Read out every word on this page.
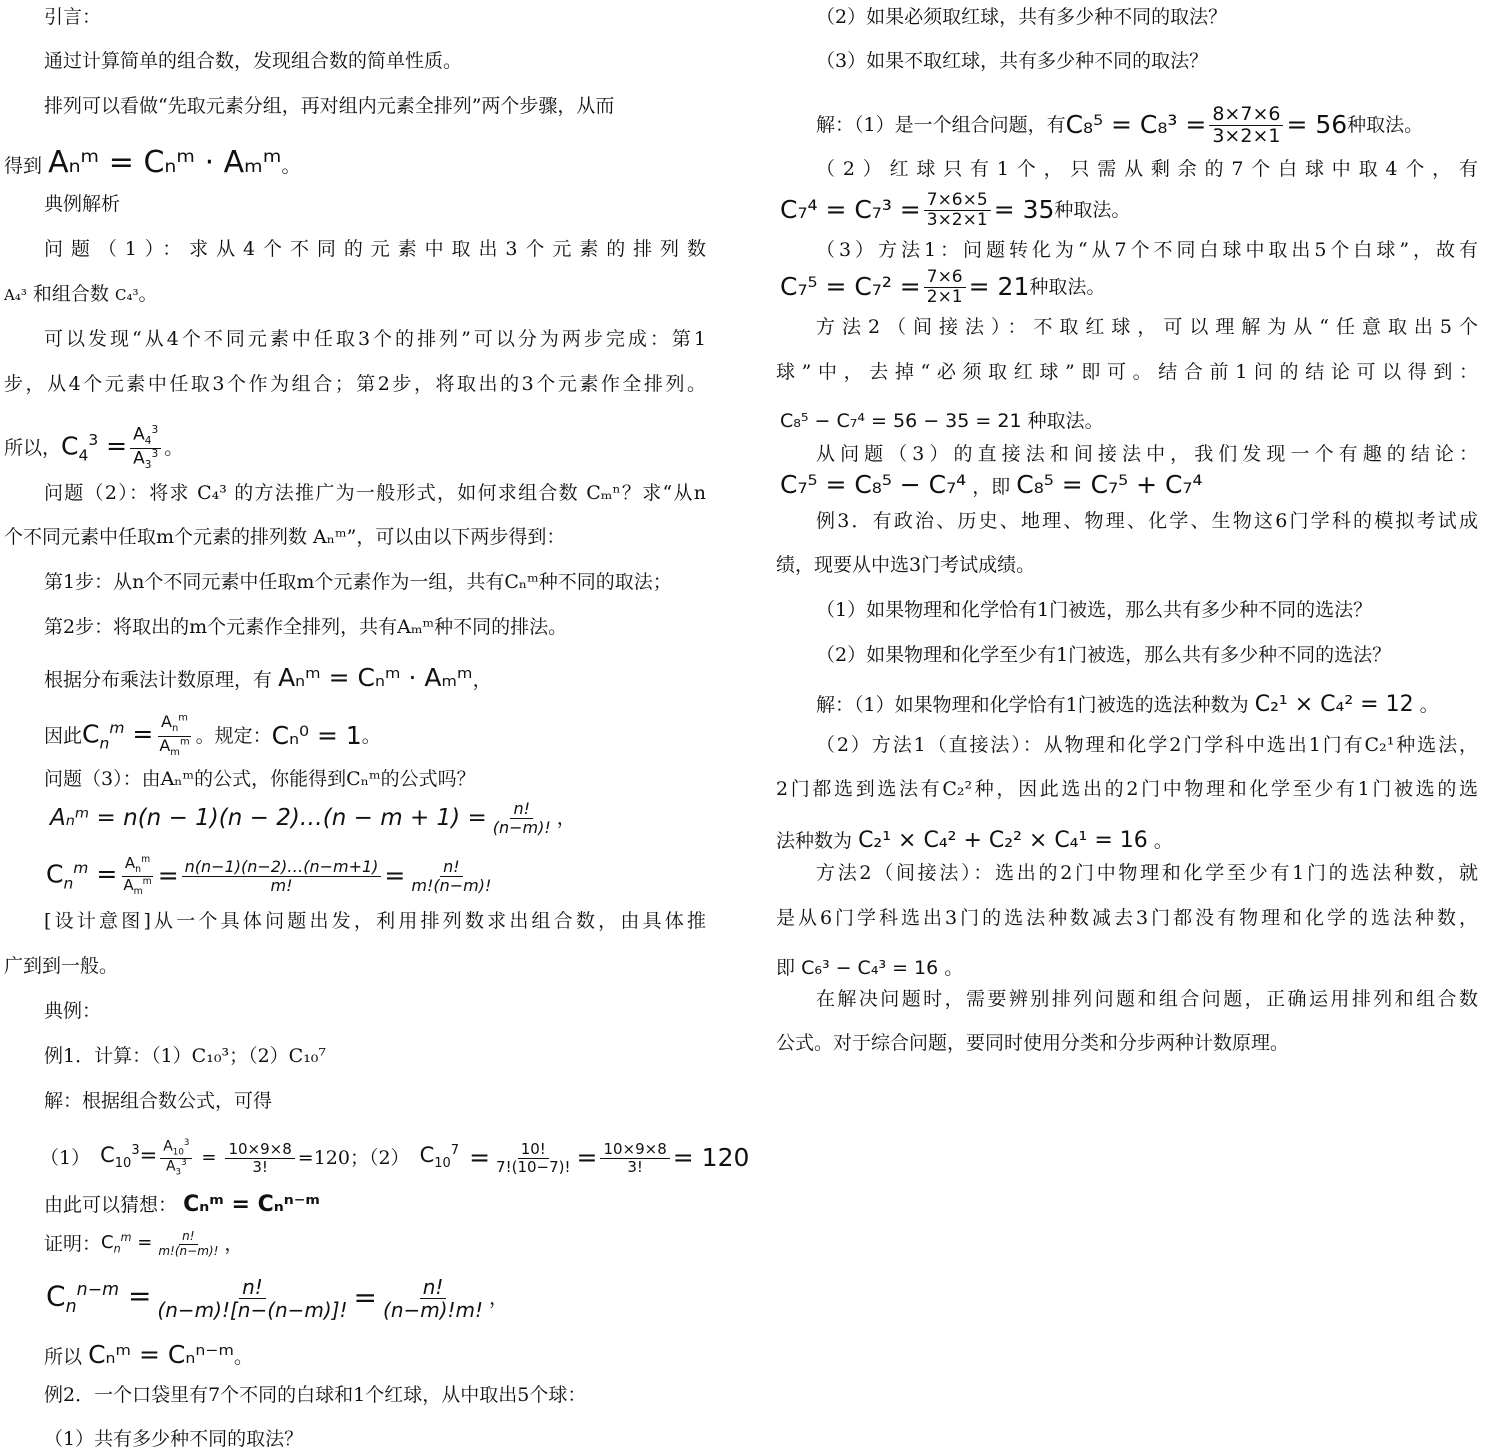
引言：
通过计算简单的组合数，发现组合数的简单性质。
排列可以看做“先取元素分组，再对组内元素全排列”两个步骤，从而
得到 Aₙᵐ = Cₙᵐ · Aₘᵐ。
典例解析
问题（1）：求从4个不同的元素中取出3个元素的排列数
A₄³ 和组合数 C₄³。
可以发现“从4个不同元素中任取3个的排列”可以分为两步完成：第1
步，从4个元素中任取3个作为组合；第2步，将取出的3个元素作全排列。
所以， $C_4^3 = \frac{A_4^3}{A_3^3}$ 。
问题（2）：将求 C₄³ 的方法推广为一般形式，如何求组合数 Cₘⁿ？求“从n
个不同元素中任取m个元素的排列数 Aₙᵐ”，可以由以下两步得到：
第1步：从n个不同元素中任取m个元素作为一组，共有Cₙᵐ种不同的取法；
第2步：将取出的m个元素作全排列，共有Aₘᵐ种不同的排法。
根据分布乘法计数原理，有 Aₙᵐ = Cₙᵐ · Aₘᵐ，
因此 $C_n^m = \frac{A_n^m}{A_m^m}$ 。规定： Cₙ⁰ = 1 。
问题（3）：由Aₙᵐ的公式，你能得到Cₙᵐ的公式吗？
Aₙᵐ = n(n − 1)(n − 2)…(n − $m + 1) = \frac{n!}{(n-m)!}$ ，
$C_n^m = \frac{A_n^m}{A_m^m} = \frac{n(n-1)(n-2)\dots(n-m+1)}{m!} = \frac{n!}{m!(n-m)!}$
[设计意图]从一个具体问题出发，利用排列数求出组合数，由具体推
广到到一般。
典例：
例1．计算：（1）C₁₀³；（2）C₁₀⁷
解：根据组合数公式，可得
（1） $C_{10}^3= \frac{A_{10}^3}{A_3^3} = \frac{10\times 9\times 8}{3!} =120$；（2） $C_{10}^7 = \frac{10!}{7!(10-7)!} = \frac{10\times 9\times 8}{3!} = 120$
由此可以猜想： Cₙᵐ = Cₙⁿ⁻ᵐ
证明： $C_n^m = \frac{n!}{m!(n-m)!}$ ，
$C_n^{n-m} = \frac{n!}{(n-m)![n-(n-m)]!} = \frac{n!}{(n-m)!m!}$ ，
所以 Cₙᵐ = Cₙⁿ⁻ᵐ。
例2．一个口袋里有7个不同的白球和1个红球，从中取出5个球：
（1）共有多少种不同的取法？
（2）如果必须取红球，共有多少种不同的取法？
（3）如果不取红球，共有多少种不同的取法？
解：（1）是一个组合问题，有 $C_8^5 = C_8^3 = \frac{8\times 7\times 6}{3\times 2\times 1} = 56$ 种取法。
（2）红球只有1个，只需从剩余的7个白球中取4个，有
$C_7^4 = C_7^3 = \frac{7\times 6\times 5}{3\times 2\times 1} = 35$ 种取法。
（3）方法1：问题转化为“从7个不同白球中取出5个白球”，故有
$C_7^5 = C_7^2 = \frac{7\times 6}{2\times 1} = 21$ 种取法。
方法2（间接法）：不取红球，可以理解为从“任意取出5个
球”中，去掉“必须取红球”即可。结合前1问的结论可以得到：
C₈⁵ − C₇⁴ = 56 − 35 = 21 种取法。
从问题（3）的直接法和间接法中，我们发现一个有趣的结论：
C₇⁵ = C₈⁵ − C₇⁴ ，即 C₈⁵ = C₇⁵ + C₇⁴
例3．有政治、历史、地理、物理、化学、生物这6门学科的模拟考试成
绩，现要从中选3门考试成绩。
（1）如果物理和化学恰有1门被选，那么共有多少种不同的选法？
（2）如果物理和化学至少有1门被选，那么共有多少种不同的选法？
解：（1）如果物理和化学恰有1门被选的选法种数为 C₂¹ × C₄² = 12 。
（2）方法1（直接法）：从物理和化学2门学科中选出1门有C₂¹种选法，
2门都选到选法有C₂²种，因此选出的2门中物理和化学至少有1门被选的选
法种数为 C₂¹ × C₄² + C₂² × C₄¹ = 16 。
方法2（间接法）：选出的2门中物理和化学至少有1门的选法种数，就
是从6门学科选出3门的选法种数减去3门都没有物理和化学的选法种数，
即 C₆³ − C₄³ = 16 。
在解决问题时，需要辨别排列问题和组合问题，正确运用排列和组合数
公式。对于综合问题，要同时使用分类和分步两种计数原理。
